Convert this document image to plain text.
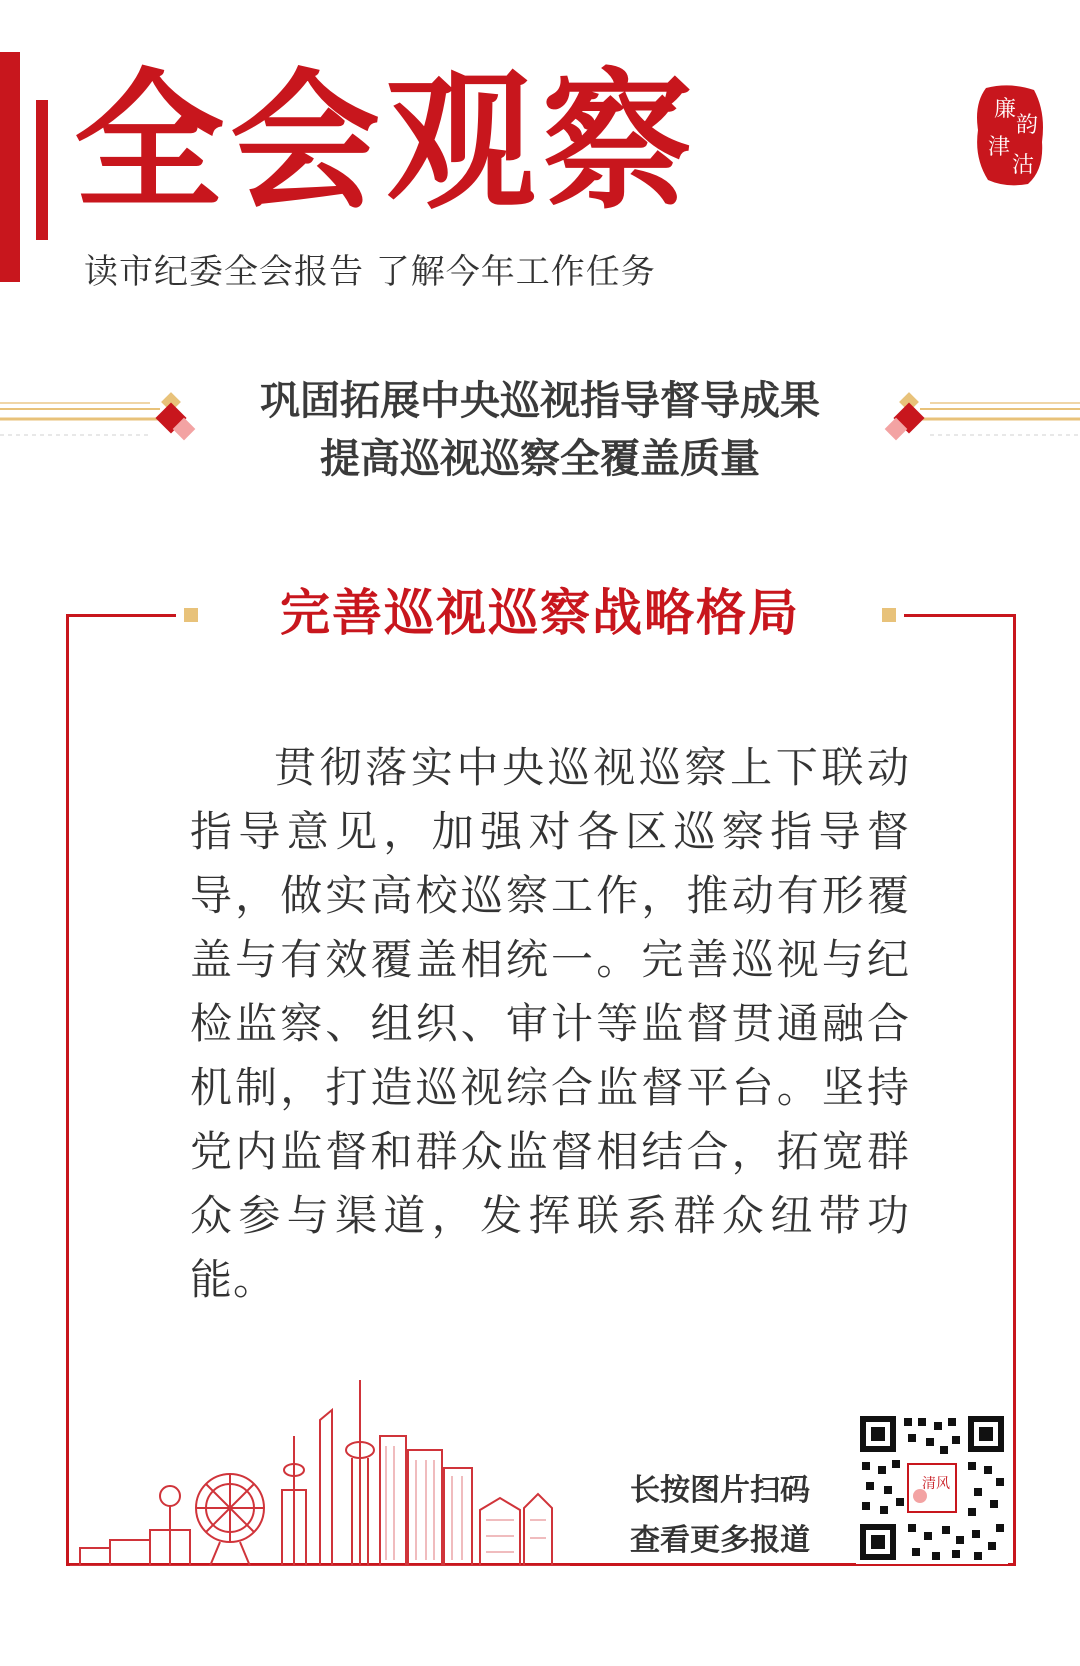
全会观察
读市纪委全会报告 了解今年工作任务
廉
韵
津
沽
巩固拓展中央巡视指导督导成果
提高巡视巡察全覆盖质量
完善巡视巡察战略格局
贯彻落实中央巡视巡察上下联动指导意见，加强对各区巡察指导督导，做实高校巡察工作，推动有形覆盖与有效覆盖相统一。完善巡视与纪检监察、组织、审计等监督贯通融合机制，打造巡视综合监督平台。坚持党内监督和群众监督相结合，拓宽群众参与渠道，发挥联系群众纽带功能。
长按图片扫码
查看更多报道
清风
